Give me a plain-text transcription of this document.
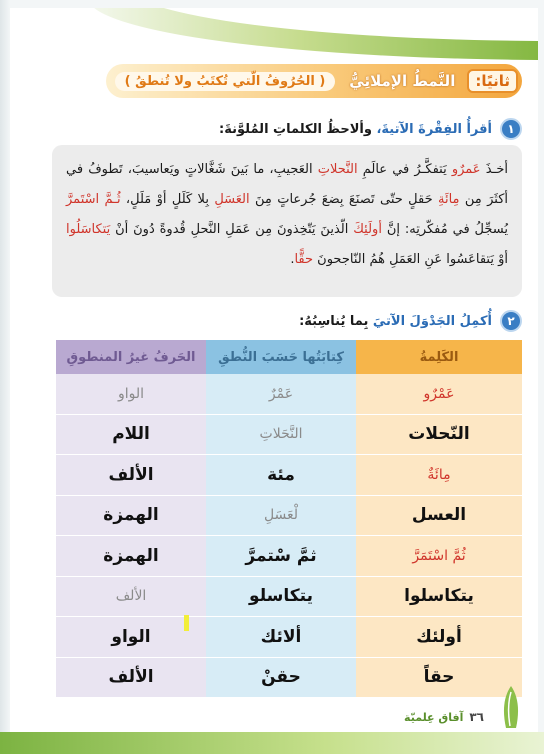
ثانيًا:
النَّمطُ الإملائِيُّ
( الحُرُوفُ الّتي تُكتَبُ ولا تُنطقُ )
١
أقرأُ الفِقْرةَ الآتيةَ، وألاحظُ الكلماتِ المُلوَّنةَ:
أخـذَ عَمرٌو يَتفكَّـرُ في عالَمِ النَّحلاتِ العَجيبِ، ما بَينَ شَغَّالاتٍ ويَعاسيبَ، تَطوفُ في أكثَرَ مِن مِائَةِ حَقلٍ حتّى تَصنَعَ بِضعَ جُرعاتٍ مِنَ العَسَلِ بِلا كَلَلٍ أوْ مَلَلٍ، ثُـمَّ اسْتَمرَّ يُسجِّلُ في مُفكّرتِه: إنَّ أولَئِكَ الّذينَ يَتّخِذونَ مِن عَمَلِ النَّحلِ قُدوةً دُونَ أنْ يَتكاسَلُوا أوْ يَتقاعَسُوا عَنِ العَمَلِ هُمُ النّاجحونَ حقًّا.
٢
أُكمِلُ الجَدْوَلَ الآتيَ بِما يُناسِبُهُ:
الكَلِمةُ
عَمْرٌو
النّحلات
مِائَةٌ
العسل
ثُمَّ اسْتَمَرَّ
يتكاسلوا
أولئك
حقاً
كِتابَتُها حَسَبَ النُّطقِ
عَمْرٌ
النَّحَلاتِ
مئة
لْعَسَلِ
ثمَّ سْتمرَّ
يتكاسلو
ألائك
حقنْ
الحَرفُ غيرُ المنطوقِ
الواو
اللام
الألف
الهمزة
الهمزة
الألف
الواو
الألف
٣٦
آفاق عِلميّة
